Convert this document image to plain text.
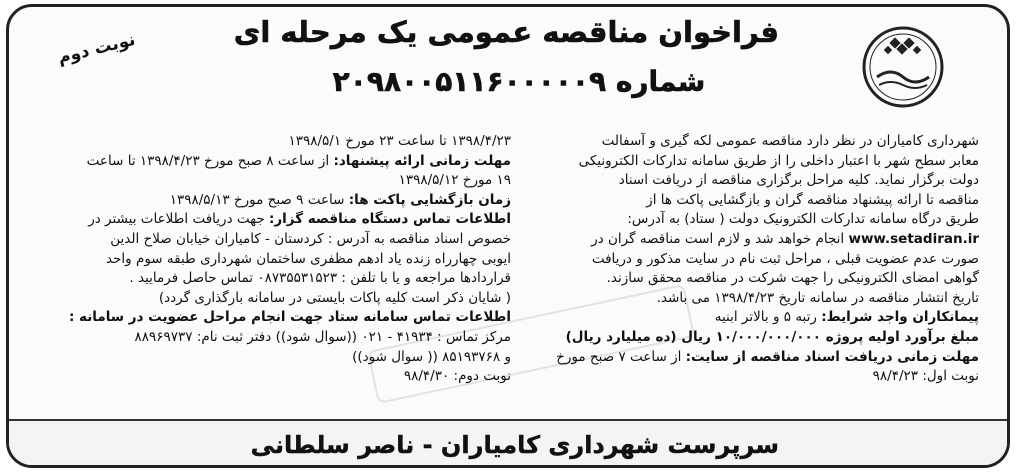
نوبت دوم	فراخوان مناقصه عمومی یک مرحله ای
شماره ۲۰۹۸۰۰۵۱۱۶۰۰۰۰۰۹

شهرداری کامیاران در نظر دارد مناقصه عمومی لکه گیری و آسفالت

معابر سطح شهر با اعتبار داخلی را از طریق سامانه تدارکات الکترونیکی

دولت برگزار نماید. کلیه مراحل برگزاری مناقصه از دریافت اسناد

مناقصه تا ارائه پیشنهاد مناقصه گران و بازگشایی پاکت ها از

طریق درگاه سامانه تدارکات الکترونیک دولت ( ستاد) به آدرس:

www.setadiran.ir انجام خواهد شد و لازم است مناقصه گران در

صورت عدم عضویت قبلی ، مراحل ثبت نام در سایت مذکور و دریافت

گواهی امضای الکترونیکی را جهت شرکت در مناقصه محقق سازند.

تاریخ انتشار مناقصه در سامانه تاریخ ۱۳۹۸/۴/۲۳ می باشد.

پیمانکاران واجد شرایط: رتبه ۵ و بالاتر ابنیه

مبلغ برآورد اولیه پروژه ۱۰/۰۰۰/۰۰۰/۰۰۰ ریال (ده میلیارد ریال)

مهلت زمانی دریافت اسناد مناقصه از سایت: از ساعت ۷ صبح مورخ

نوبت اول: ۹۸/۴/۲۳

۱۳۹۸/۴/۲۳ تا ساعت ۲۳ مورخ ۱۳۹۸/۵/۱

مهلت زمانی ارائه پیشنهاد: از ساعت ۸ صبح مورخ ۱۳۹۸/۴/۲۳ تا ساعت

۱۹ مورخ ۱۳۹۸/۵/۱۲

زمان بازگشایی پاکت ها: ساعت ۹ صبح مورخ ۱۳۹۸/۵/۱۳

اطلاعات تماس دستگاه مناقصه گزار: جهت دریافت اطلاعات بیشتر در

خصوص اسناد مناقصه به آدرس : کردستان - کامیاران خیابان صلاح الدین

ایوبی چهارراه زنده یاد ادهم مظفری ساختمان شهرداری طبقه سوم واحد

قراردادها مراجعه و یا با تلفن : ۰۸۷۳۵۵۳۱۵۲۳ تماس حاصل فرمایید .

( شایان ذکر است کلیه پاکات بایستی در سامانه بارگذاری گردد)

اطلاعات تماس سامانه ستاد جهت انجام مراحل عضویت در سامانه :

مرکز تماس : ۴۱۹۳۴ - ۰۲۱ ((سوال شود)) دفتر ثبت نام: ۸۸۹۶۹۷۳۷

و ۸۵۱۹۳۷۶۸ (( سوال شود))

نوبت دوم: ۹۸/۴/۳۰

سرپرست شهرداری کامیاران - ناصر سلطانی
